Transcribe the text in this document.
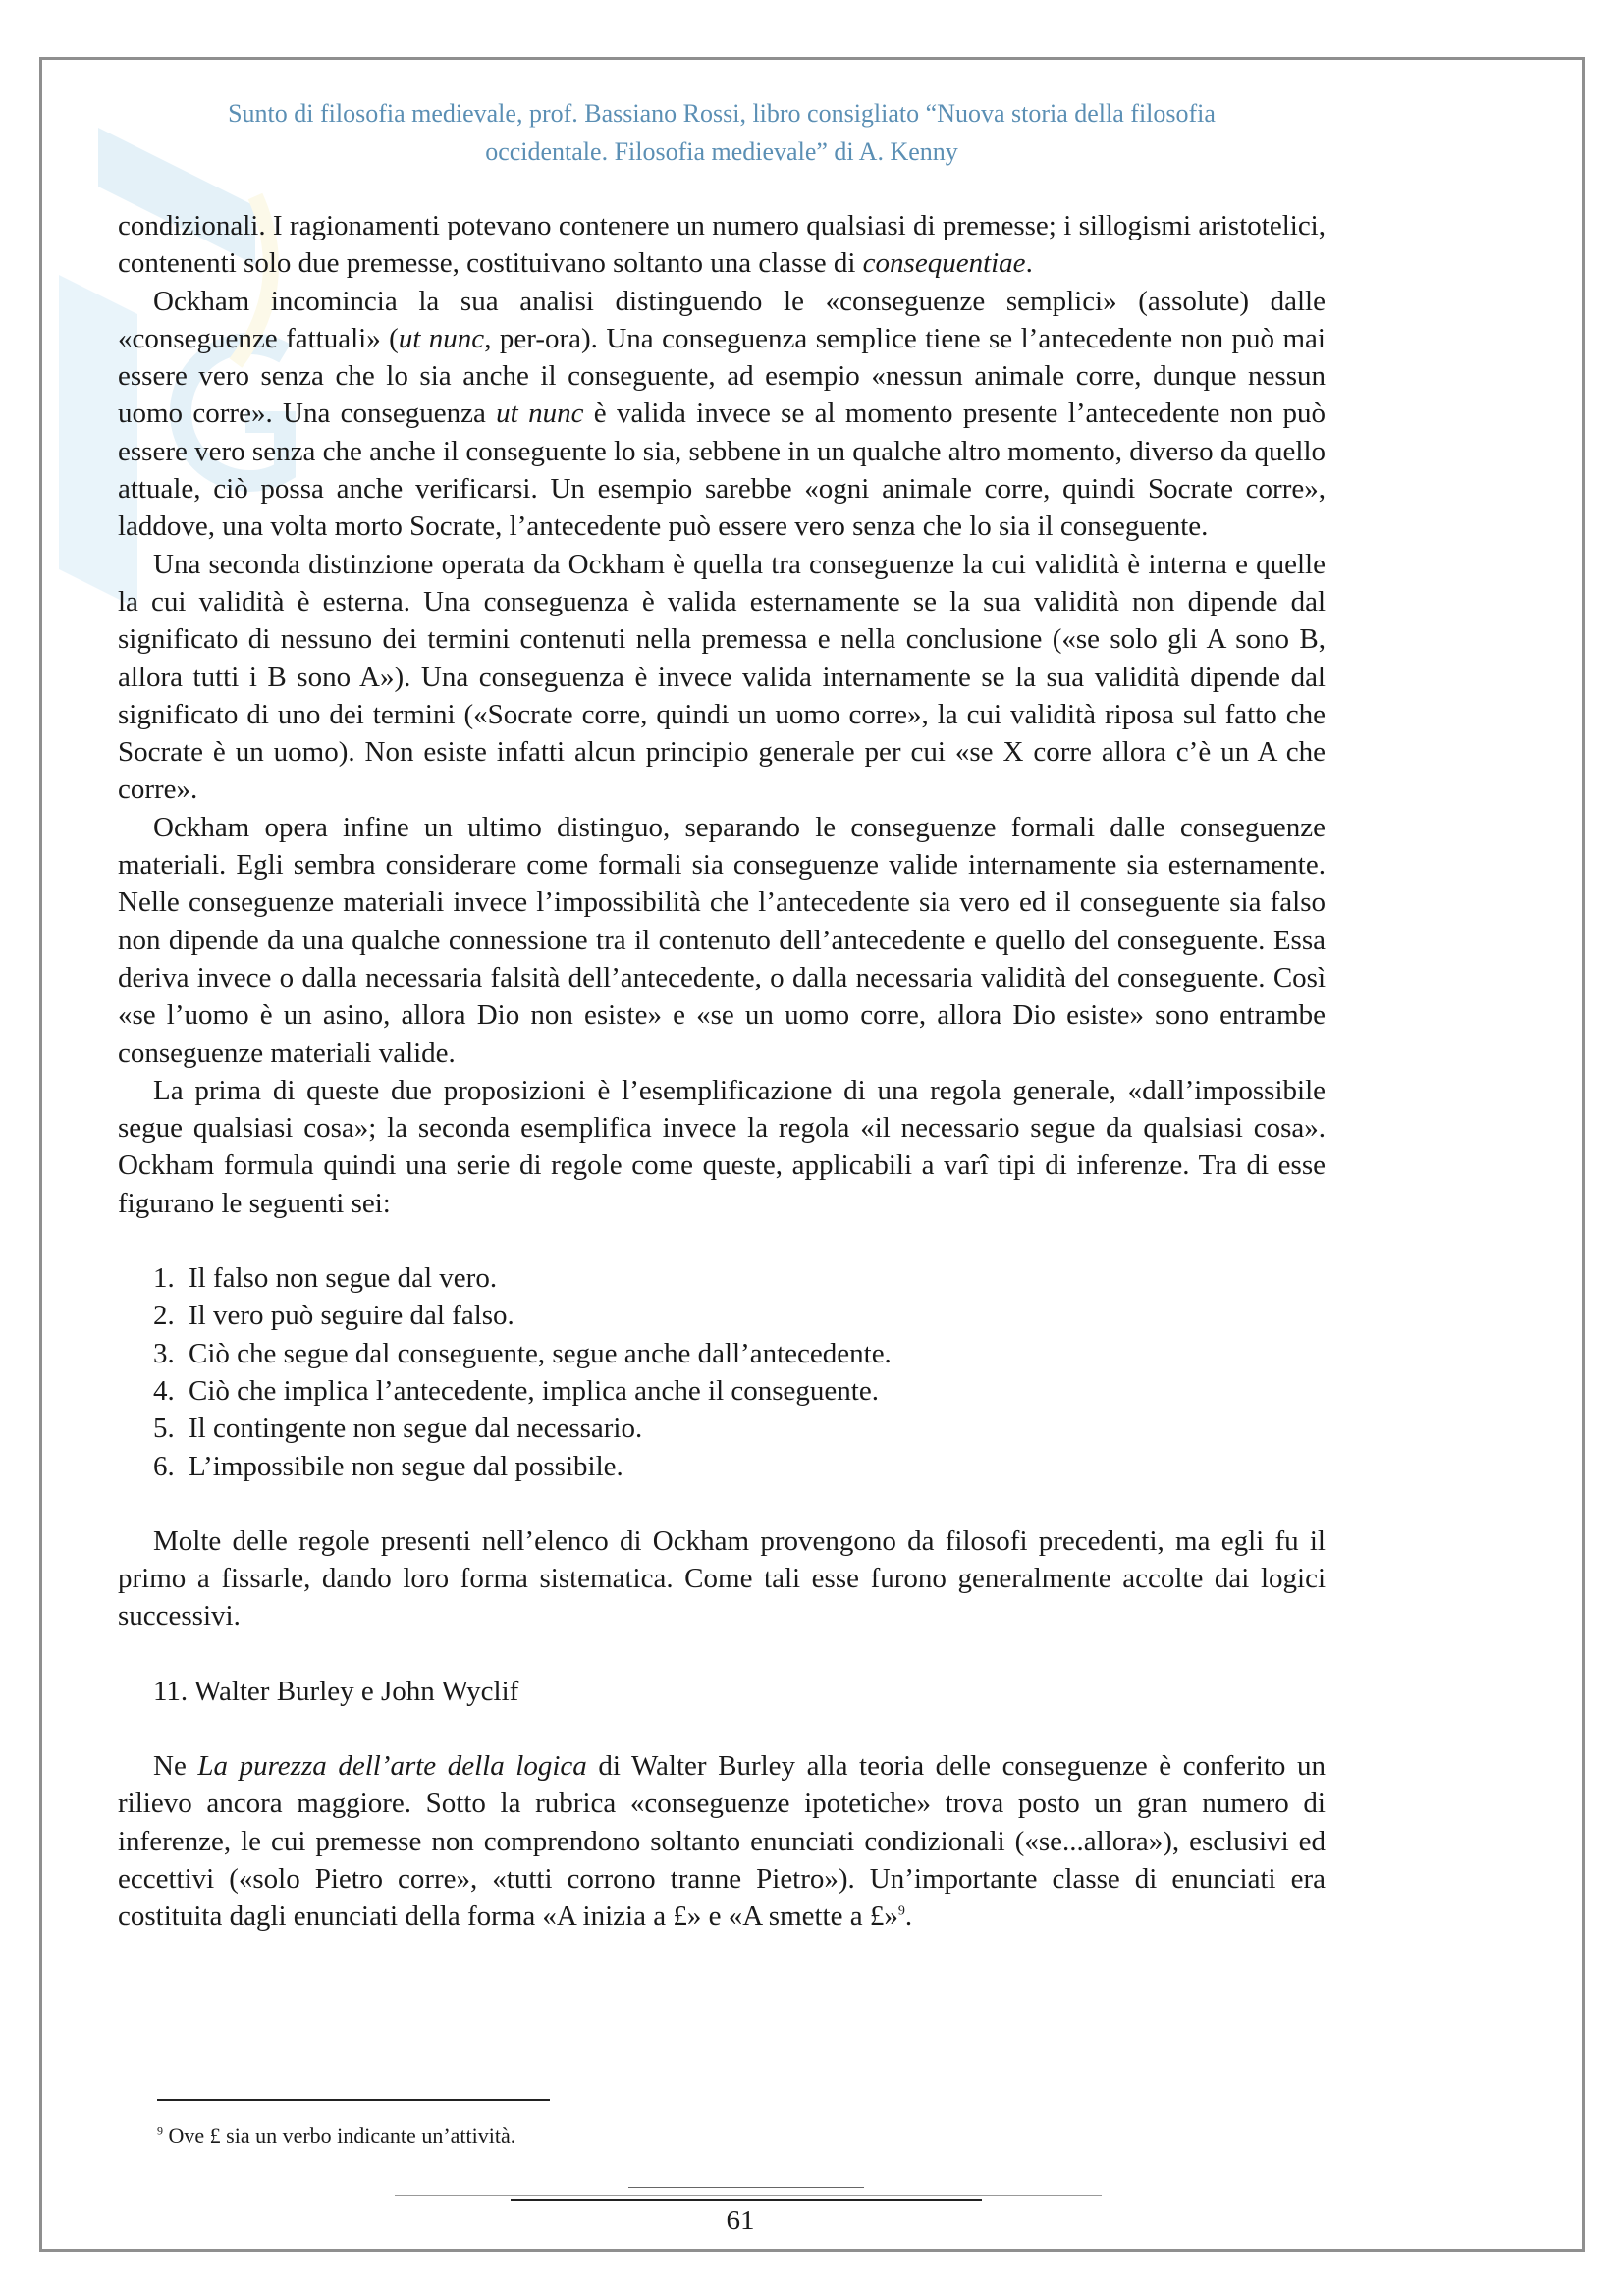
Sunto di filosofia medievale, prof. Bassiano Rossi, libro consigliato “Nuova storia della filosofia
occidentale. Filosofia medievale” di A. Kenny

condizionali. I ragionamenti potevano contenere un numero qualsiasi di premesse; i sillogismi aristotelici, contenenti solo due premesse, costituivano soltanto una classe di consequentiae.

Ockham incomincia la sua analisi distinguendo le «conseguenze semplici» (assolute) dalle «conseguenze fattuali» (ut nunc, per-ora). Una conseguenza semplice tiene se l’antecedente non può mai essere vero senza che lo sia anche il conseguente, ad esempio «nessun animale corre, dunque nessun uomo corre». Una conseguenza ut nunc è valida invece se al momento presente l’antecedente non può essere vero senza che anche il conseguente lo sia, sebbene in un qualche altro momento, diverso da quello attuale, ciò possa anche verificarsi. Un esempio sarebbe «ogni animale corre, quindi Socrate corre», laddove, una volta morto Socrate, l’antecedente può essere vero senza che lo sia il conseguente.

Una seconda distinzione operata da Ockham è quella tra conseguenze la cui validità è interna e quelle la cui validità è esterna. Una conseguenza è valida esternamente se la sua validità non dipende dal significato di nessuno dei termini contenuti nella premessa e nella conclusione («se solo gli A sono B, allora tutti i B sono A»). Una conseguenza è invece valida internamente se la sua validità dipende dal significato di uno dei termini («Socrate corre, quindi un uomo corre», la cui validità riposa sul fatto che Socrate è un uomo). Non esiste infatti alcun principio generale per cui «se X corre allora c’è un A che corre».

Ockham opera infine un ultimo distinguo, separando le conseguenze formali dalle conseguenze materiali. Egli sembra considerare come formali sia conseguenze valide internamente sia esternamente. Nelle conseguenze materiali invece l’impossibilità che l’antecedente sia vero ed il conseguente sia falso non dipende da una qualche connessione tra il contenuto dell’antecedente e quello del conseguente. Essa deriva invece o dalla necessaria falsità dell’antecedente, o dalla necessaria validità del conseguente. Così «se l’uomo è un asino, allora Dio non esiste» e «se un uomo corre, allora Dio esiste» sono entrambe conseguenze materiali valide.

La prima di queste due proposizioni è l’esemplificazione di una regola generale, «dall’impossibile segue qualsiasi cosa»; la seconda esemplifica invece la regola «il necessario segue da qualsiasi cosa». Ockham formula quindi una serie di regole come queste, applicabili a varî tipi di inferenze. Tra di esse figurano le seguenti sei:

1. Il falso non segue dal vero.
2. Il vero può seguire dal falso.
3. Ciò che segue dal conseguente, segue anche dall’antecedente.
4. Ciò che implica l’antecedente, implica anche il conseguente.
5. Il contingente non segue dal necessario.
6. L’impossibile non segue dal possibile.

Molte delle regole presenti nell’elenco di Ockham provengono da filosofi precedenti, ma egli fu il primo a fissarle, dando loro forma sistematica. Come tali esse furono generalmente accolte dai logici successivi.

11. Walter Burley e John Wyclif

Ne La purezza dell’arte della logica di Walter Burley alla teoria delle conseguenze è conferito un rilievo ancora maggiore. Sotto la rubrica «conseguenze ipotetiche» trova posto un gran numero di inferenze, le cui premesse non comprendono soltanto enunciati condizionali («se...allora»), esclusivi ed eccettivi («solo Pietro corre», «tutti corrono tranne Pietro»). Un’importante classe di enunciati era costituita dagli enunciati della forma «A inizia a £» e «A smette a £»$^9$.

$^9$ Ove £ sia un verbo indicante un’attività.
61
